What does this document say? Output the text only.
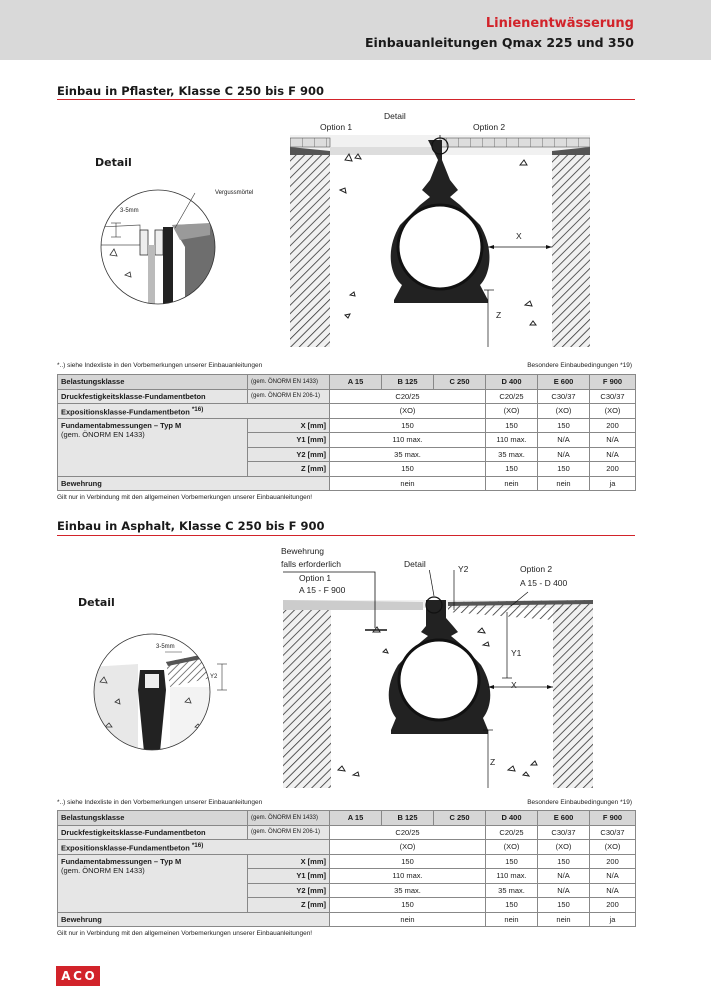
Linienentwässerung
Einbauanleitungen Qmax 225 und 350
Einbau in Pflaster, Klasse C 250 bis F 900
Detail
3-5mm
Vergussmörtel
Detail
Option 1	Option 2
X
Z
*..) siehe Indexliste in den Vorbemerkungen unserer Einbauanleitungen	Besondere Einbaubedingungen *19)
Belastungsklasse	(gem. ÖNORM EN 1433)	A 15	B 125	C 250	D 400	E 600	F 900
Druckfestigkeitsklasse-Fundamentbeton	(gem. ÖNORM EN 206-1)	C20/25			C20/25	C30/37	C30/37
Expositionsklasse-Fundamentbeton $^{*16)}$		(XO)			(XO)	(XO)	(XO)

Fundamentabmessungen – Typ M
(gem. ÖNORM EN 1433)	X [mm]	150			150	150	200
	Y1 [mm]	110 max.			110 max.	N/A	N/A
	Y2 [mm]	35 max.			35 max.	N/A	N/A
	Z [mm]	150			150	150	200
Bewehrung		nein			nein	nein	ja
Gilt nur in Verbindung mit den allgemeinen Vorbemerkungen unserer Einbauanleitungen!
Einbau in Asphalt, Klasse C 250 bis F 900
Detail
3-5mm
Y2
Bewehrung
falls erforderlich
Option 1
A 15 - F 900
Detail	Y2	Option 2
A 15 - D 400
Y1
X
Z
*..) siehe Indexliste in den Vorbemerkungen unserer Einbauanleitungen	Besondere Einbaubedingungen *19)
Belastungsklasse	(gem. ÖNORM EN 1433)	A 15	B 125	C 250	D 400	E 600	F 900
Druckfestigkeitsklasse-Fundamentbeton	(gem. ÖNORM EN 206-1)	C20/25			C20/25	C30/37	C30/37
Expositionsklasse-Fundamentbeton $^{*16)}$		(XO)			(XO)	(XO)	(XO)

Fundamentabmessungen – Typ M
(gem. ÖNORM EN 1433)	X [mm]	150			150	150	200
	Y1 [mm]	110 max.			110 max.	N/A	N/A
	Y2 [mm]	35 max.			35 max.	N/A	N/A
	Z [mm]	150			150	150	200
Bewehrung		nein			nein	nein	ja
Gilt nur in Verbindung mit den allgemeinen Vorbemerkungen unserer Einbauanleitungen!
A C O
